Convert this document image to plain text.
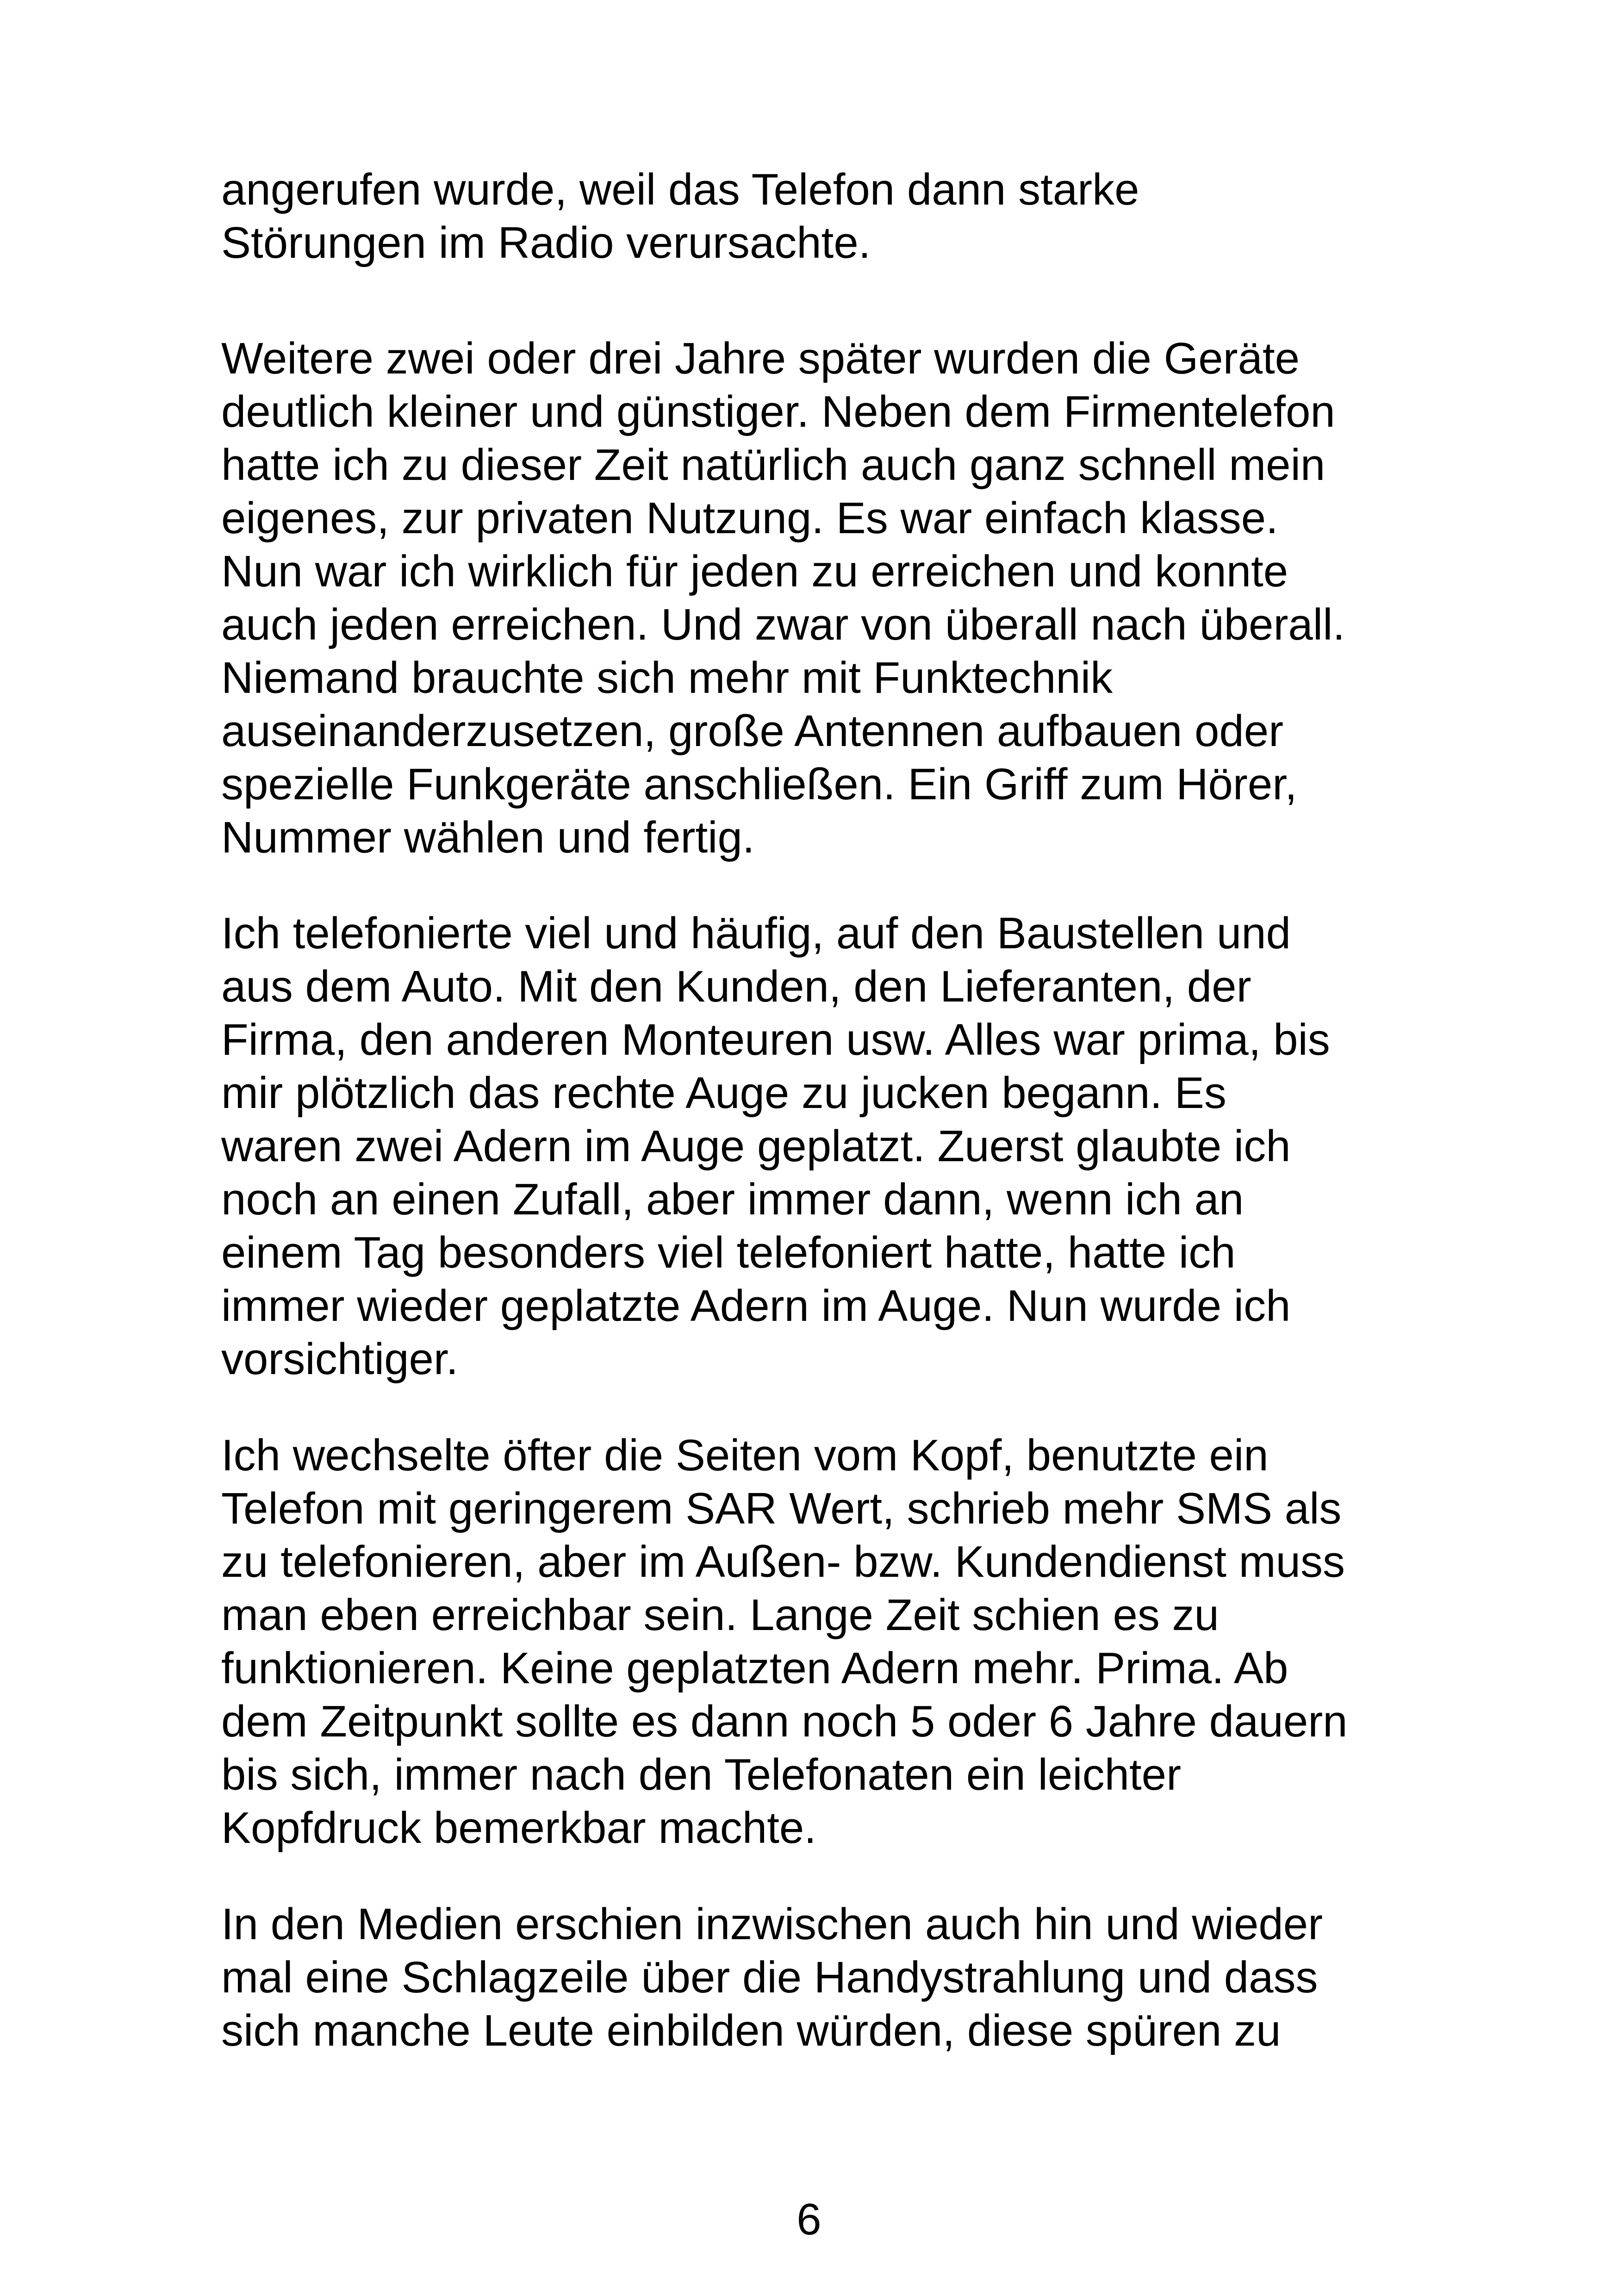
angerufen wurde, weil das Telefon dann starke
Störungen im Radio verursachte.
Weitere zwei oder drei Jahre später wurden die Geräte
deutlich kleiner und günstiger. Neben dem Firmentelefon
hatte ich zu dieser Zeit natürlich auch ganz schnell mein
eigenes, zur privaten Nutzung. Es war einfach klasse.
Nun war ich wirklich für jeden zu erreichen und konnte
auch jeden erreichen. Und zwar von überall nach überall.
Niemand brauchte sich mehr mit Funktechnik
auseinanderzusetzen, große Antennen aufbauen oder
spezielle Funkgeräte anschließen. Ein Griff zum Hörer,
Nummer wählen und fertig.
Ich telefonierte viel und häufig, auf den Baustellen und
aus dem Auto. Mit den Kunden, den Lieferanten, der
Firma, den anderen Monteuren usw. Alles war prima, bis
mir plötzlich das rechte Auge zu jucken begann. Es
waren zwei Adern im Auge geplatzt. Zuerst glaubte ich
noch an einen Zufall, aber immer dann, wenn ich an
einem Tag besonders viel telefoniert hatte, hatte ich
immer wieder geplatzte Adern im Auge. Nun wurde ich
vorsichtiger.
Ich wechselte öfter die Seiten vom Kopf, benutzte ein
Telefon mit geringerem SAR Wert, schrieb mehr SMS als
zu telefonieren, aber im Außen- bzw. Kundendienst muss
man eben erreichbar sein. Lange Zeit schien es zu
funktionieren. Keine geplatzten Adern mehr. Prima. Ab
dem Zeitpunkt sollte es dann noch 5 oder 6 Jahre dauern
bis sich, immer nach den Telefonaten ein leichter
Kopfdruck bemerkbar machte.
In den Medien erschien inzwischen auch hin und wieder
mal eine Schlagzeile über die Handystrahlung und dass
sich manche Leute einbilden würden, diese spüren zu
6
